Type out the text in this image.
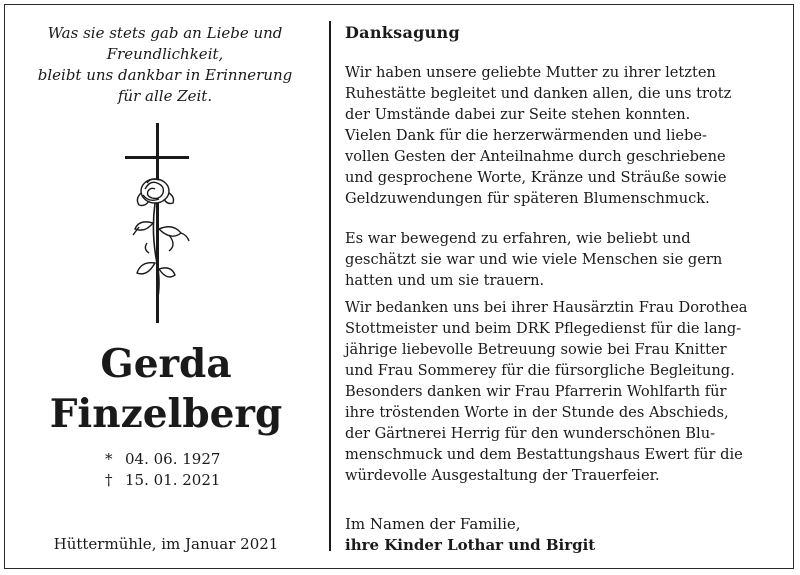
Was sie stets gab an Liebe und
Freundlichkeit,
bleibt uns dankbar in Erinnerung
für alle Zeit.
Gerda
Finzelberg
* 04. 06. 1927
† 15. 01. 2021
Hüttermühle, im Januar 2021
Danksagung
Wir haben unsere geliebte Mutter zu ihrer letzten
Ruhestätte begleitet und danken allen, die uns trotz
der Umstände dabei zur Seite stehen konnten.
Vielen Dank für die herzerwärmenden und liebe-
vollen Gesten der Anteilnahme durch geschriebene
und gesprochene Worte, Kränze und Sträuße sowie
Geldzuwendungen für späteren Blumenschmuck.
Es war bewegend zu erfahren, wie beliebt und
geschätzt sie war und wie viele Menschen sie gern
hatten und um sie trauern.
Wir bedanken uns bei ihrer Hausärztin Frau Dorothea
Stottmeister und beim DRK Pflegedienst für die lang-
jährige liebevolle Betreuung sowie bei Frau Knitter
und Frau Sommerey für die fürsorgliche Begleitung.
Besonders danken wir Frau Pfarrerin Wohlfarth für
ihre tröstenden Worte in der Stunde des Abschieds,
der Gärtnerei Herrig für den wunderschönen Blu-
menschmuck und dem Bestattungshaus Ewert für die
würdevolle Ausgestaltung der Trauerfeier.
Im Namen der Familie,
ihre Kinder Lothar und Birgit
